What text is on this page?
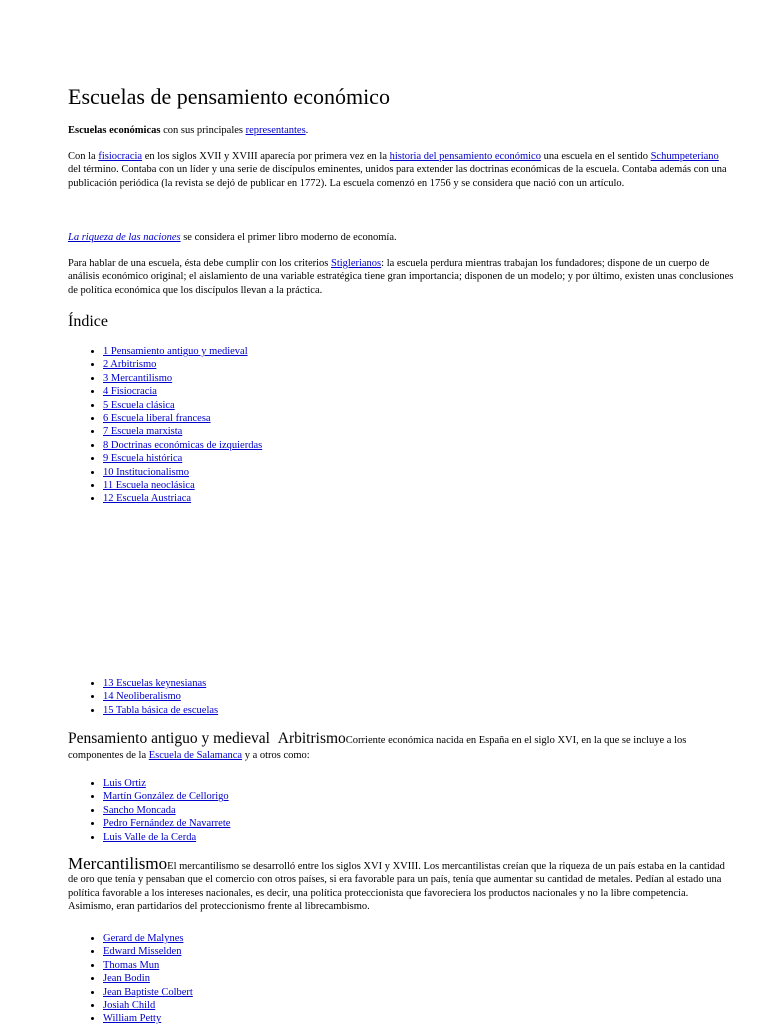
Escuelas de pensamiento económico

Escuelas económicas con sus principales representantes.

Con la fisiocracia en los siglos XVII y XVIII aparecía por primera vez en la historia del pensamiento económico una escuela en el sentido Schumpeteriano del término. Contaba con un líder y una serie de discípulos eminentes, unidos para extender las doctrinas económicas de la escuela. Contaba además con una publicación periódica (la revista se dejó de publicar en 1772). La escuela comenzó en 1756 y se considera que nació con un artículo.

La riqueza de las naciones se considera el primer libro moderno de economía.

Para hablar de una escuela, ésta debe cumplir con los criterios Stiglerianos: la escuela perdura mientras trabajan los fundadores; dispone de un cuerpo de análisis económico original; el aislamiento de una variable estratégica tiene gran importancia; disponen de un modelo; y por último, existen unas conclusiones de política económica que los discípulos llevan a la práctica.

Índice
• 1 Pensamiento antiguo y medieval
• 2 Arbitrismo
• 3 Mercantilismo
• 4 Fisiocracia
• 5 Escuela clásica
• 6 Escuela liberal francesa
• 7 Escuela marxista
• 8 Doctrinas económicas de izquierdas
• 9 Escuela histórica
• 10 Institucionalismo
• 11 Escuela neoclásica
• 12 Escuela Austriaca
• 13 Escuelas keynesianas
• 14 Neoliberalismo
• 15 Tabla básica de escuelas

Pensamiento antiguo y medieval ArbitrismoCorriente económica nacida en España en el siglo XVI, en la que se incluye a los componentes de la Escuela de Salamanca y a otros como:

• Luis Ortiz
• Martín González de Cellorigo
• Sancho Moncada
• Pedro Fernández de Navarrete
• Luis Valle de la Cerda

MercantilismoEl mercantilismo se desarrolló entre los siglos XVI y XVIII. Los mercantilistas creían que la riqueza de un país estaba en la cantidad de oro que tenía y pensaban que el comercio con otros países, si era favorable para un país, tenía que aumentar su cantidad de metales. Pedían al estado una política favorable a los intereses nacionales, es decir, una política proteccionista que favoreciera los productos nacionales y no la libre competencia. Asimismo, eran partidarios del proteccionismo frente al librecambismo.

• Gerard de Malynes
• Edward Misselden
• Thomas Mun
• Jean Bodin
• Jean Baptiste Colbert
• Josiah Child
• William Petty
